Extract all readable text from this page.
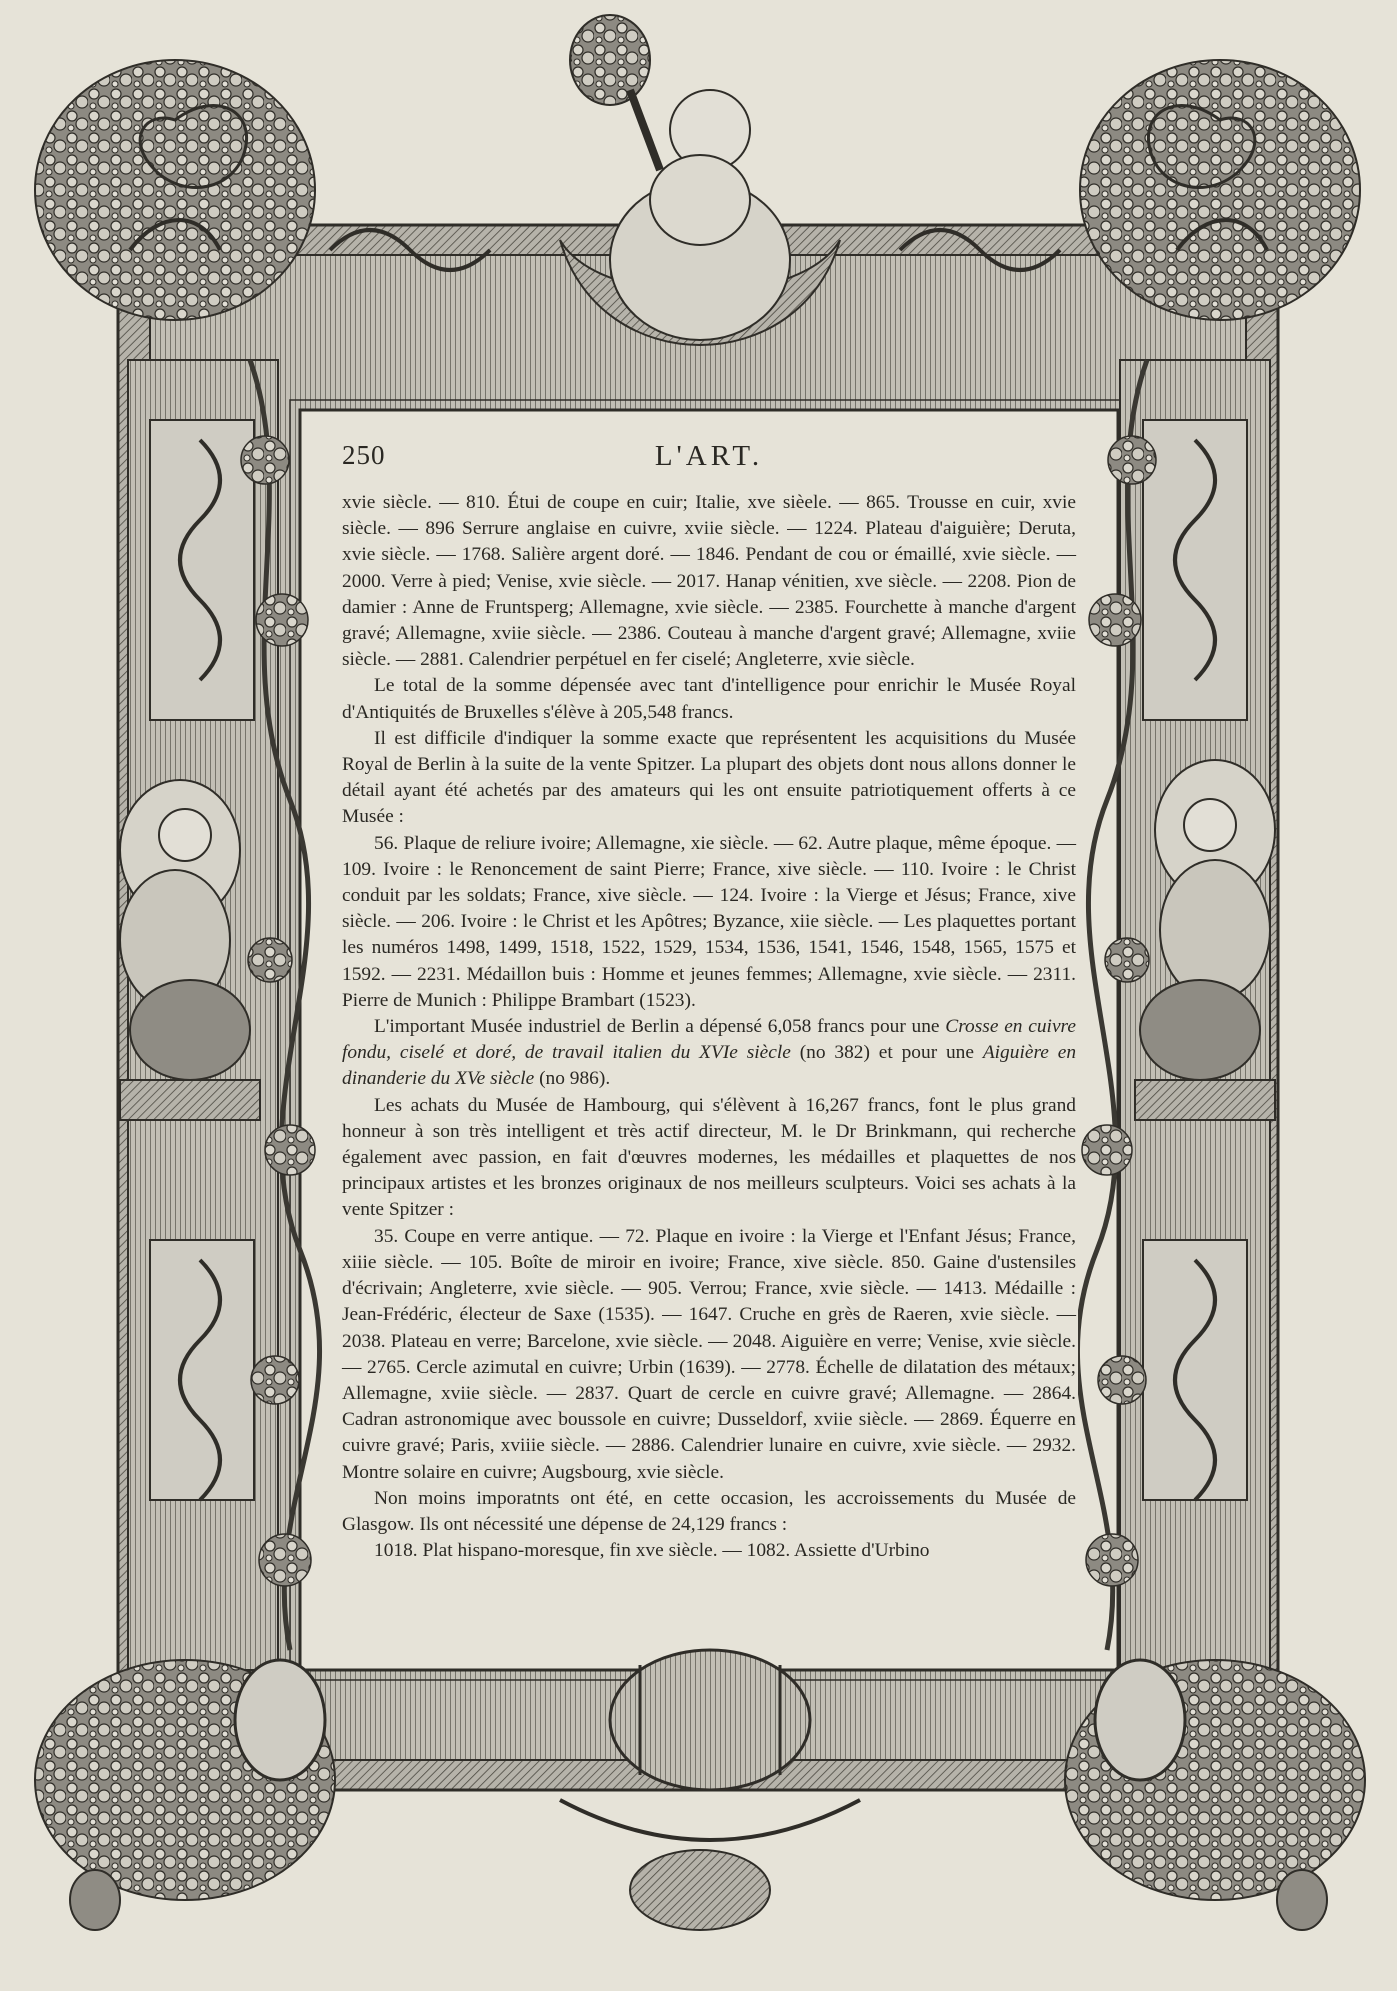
250	L'ART.

xvie siècle. — 810. Étui de coupe en cuir; Italie, xve sièele. — 865. Trousse en cuir, xvie siècle. — 896 Serrure anglaise en cuivre, xviie siècle. — 1224. Plateau d'aiguière; Deruta, xvie siècle. — 1768. Salière argent doré. — 1846. Pendant de cou or émaillé, xvie siècle. — 2000. Verre à pied; Venise, xvie siècle. — 2017. Hanap vénitien, xve siècle. — 2208. Pion de damier : Anne de Fruntsperg; Allemagne, xvie siècle. — 2385. Fourchette à manche d'argent gravé; Allemagne, xviie siècle. — 2386. Couteau à manche d'argent gravé; Allemagne, xviie siècle. — 2881. Calendrier perpétuel en fer ciselé; Angleterre, xvie siècle.

Le total de la somme dépensée avec tant d'intelligence pour enrichir le Musée Royal d'Antiquités de Bruxelles s'élève à 205,548 francs.

Il est difficile d'indiquer la somme exacte que représentent les acquisitions du Musée Royal de Berlin à la suite de la vente Spitzer. La plupart des objets dont nous allons donner le détail ayant été achetés par des amateurs qui les ont ensuite patriotiquement offerts à ce Musée :

56. Plaque de reliure ivoire; Allemagne, xie siècle. — 62. Autre plaque, même époque. — 109. Ivoire : le Renoncement de saint Pierre; France, xive siècle. — 110. Ivoire : le Christ conduit par les soldats; France, xive siècle. — 124. Ivoire : la Vierge et Jésus; France, xive siècle. — 206. Ivoire : le Christ et les Apôtres; Byzance, xiie siècle. — Les plaquettes portant les numéros 1498, 1499, 1518, 1522, 1529, 1534, 1536, 1541, 1546, 1548, 1565, 1575 et 1592. — 2231. Médaillon buis : Homme et jeunes femmes; Allemagne, xvie siècle. — 2311. Pierre de Munich : Philippe Brambart (1523).

L'important Musée industriel de Berlin a dépensé 6,058 francs pour une Crosse en cuivre fondu, ciselé et doré, de travail italien du XVIe siècle (no 382) et pour une Aiguière en dinanderie du XVe siècle (no 986).

Les achats du Musée de Hambourg, qui s'élèvent à 16,267 francs, font le plus grand honneur à son très intelligent et très actif directeur, M. le Dr Brinkmann, qui recherche également avec passion, en fait d'œuvres modernes, les médailles et plaquettes de nos principaux artistes et les bronzes originaux de nos meilleurs sculpteurs. Voici ses achats à la vente Spitzer :

35. Coupe en verre antique. — 72. Plaque en ivoire : la Vierge et l'Enfant Jésus; France, xiiie siècle. — 105. Boîte de miroir en ivoire; France, xive siècle. 850. Gaine d'ustensiles d'écrivain; Angleterre, xvie siècle. — 905. Verrou; France, xvie siècle. — 1413. Médaille : Jean-Frédéric, électeur de Saxe (1535). — 1647. Cruche en grès de Raeren, xvie siècle. — 2038. Plateau en verre; Barcelone, xvie siècle. — 2048. Aiguière en verre; Venise, xvie siècle. — 2765. Cercle azimutal en cuivre; Urbin (1639). — 2778. Échelle de dilatation des métaux; Allemagne, xviie siècle. — 2837. Quart de cercle en cuivre gravé; Allemagne. — 2864. Cadran astronomique avec boussole en cuivre; Dusseldorf, xviie siècle. — 2869. Équerre en cuivre gravé; Paris, xviiie siècle. — 2886. Calendrier lunaire en cuivre, xvie siècle. — 2932. Montre solaire en cuivre; Augsbourg, xvie siècle.

Non moins imporatnts ont été, en cette occasion, les accroissements du Musée de Glasgow. Ils ont nécessité une dépense de 24,129 francs :

1018. Plat hispano-moresque, fin xve siècle. — 1082. Assiette d'Urbino
